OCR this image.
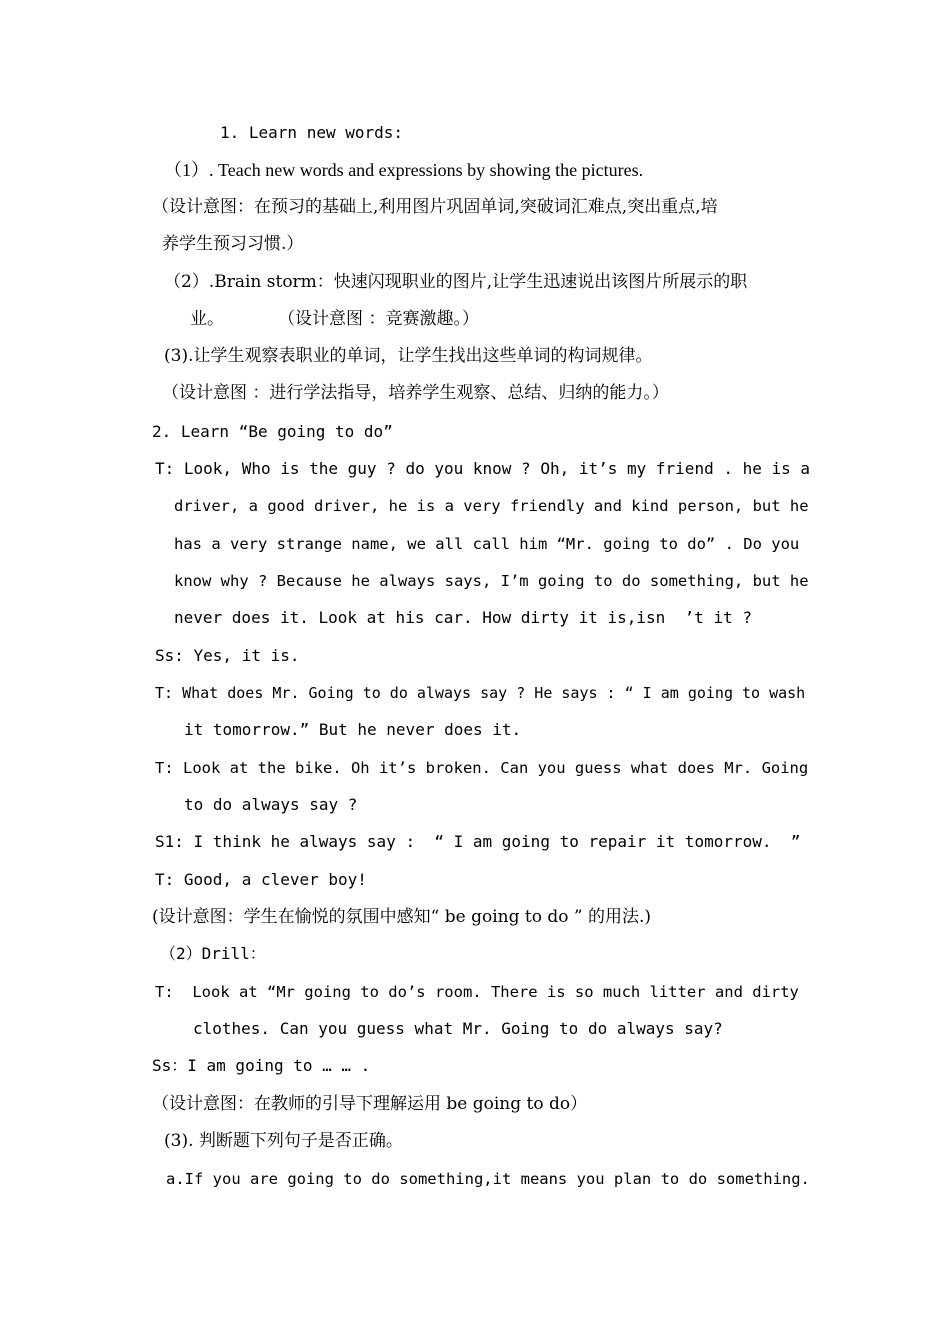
1. Learn new words:
（1）. Teach new words and expressions by showing the pictures.
（设计意图：在预习的基础上,利用图片巩固单词,突破词汇难点,突出重点,培
养学生预习习惯.）
（2）.Brain storm：快速闪现职业的图片,让学生迅速说出该图片所展示的职
业。          （设计意图 ：竞赛激趣。）
(3).让学生观察表职业的单词，让学生找出这些单词的构词规律。
（设计意图 ：进行学法指导，培养学生观察、总结、归纳的能力。）
2. Learn “Be going to do”
T: Look, Who is the guy ? do you know ? Oh, it’s my friend . he is a
driver, a good driver, he is a very friendly and kind person, but he
has a very strange name, we all call him “Mr. going to do” . Do you
know why ? Because he always says, I’m going to do something, but he
never does it. Look at his car. How dirty it is,isn  ’t it ?
Ss: Yes, it is.
T: What does Mr. Going to do always say ? He says : “ I am going to wash
it tomorrow.” But he never does it.
T: Look at the bike. Oh it’s broken. Can you guess what does Mr. Going
to do always say ?
S1: I think he always say :  “ I am going to repair it tomorrow.  ”
T: Good, a clever boy!
(设计意图：学生在愉悦的氛围中感知“ be going to do ” 的用法.)
（2）Drill：
T:  Look at “Mr going to do’s room. There is so much litter and dirty
clothes. Can you guess what Mr. Going to do always say?
Ss：I am going to … … .
（设计意图：在教师的引导下理解运用 be going to do）
(3). 判断题下列句子是否正确。
a.If you are going to do something,it means you plan to do something.
